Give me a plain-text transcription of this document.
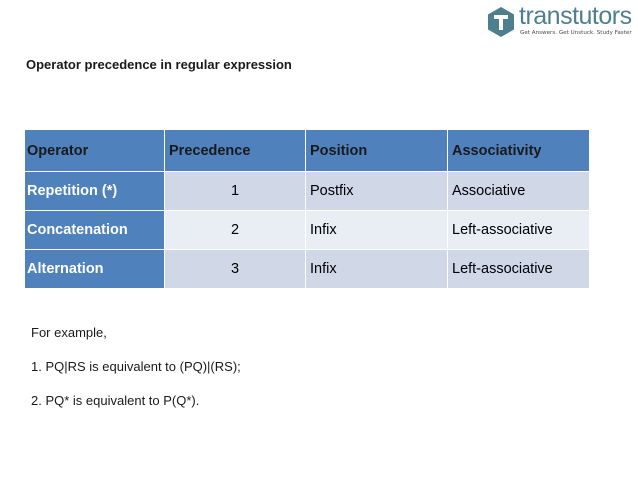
transtutors
Get Answers. Get Unstuck. Study Faster
Operator precedence in regular expression
Operator	Precedence	Position	Associativity
Repetition (*)	1	Postfix	Associative
Concatenation	2	Infix	Left-associative
Alternation	3	Infix	Left-associative

For example,

1. PQ|RS is equivalent to (PQ)|(RS);

2. PQ* is equivalent to P(Q*).
